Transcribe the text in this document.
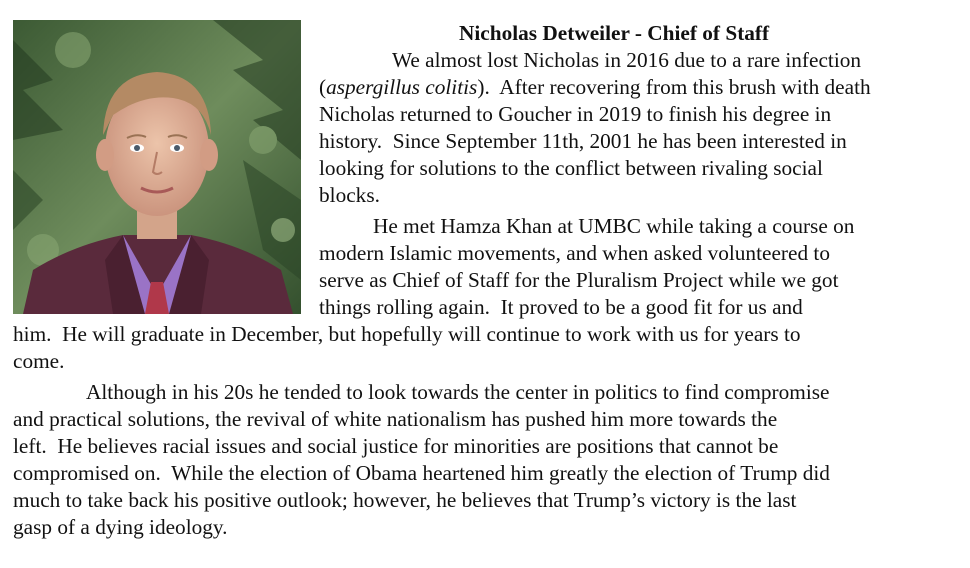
Nicholas Detweiler - Chief of Staff
We almost lost Nicholas in 2016 due to a rare infection
(aspergillus colitis).  After recovering from this brush with death
Nicholas returned to Goucher in 2019 to finish his degree in
history.  Since September 11th, 2001 he has been interested in
looking for solutions to the conflict between rivaling social
blocks.
He met Hamza Khan at UMBC while taking a course on
modern Islamic movements, and when asked volunteered to
serve as Chief of Staff for the Pluralism Project while we got
things rolling again.  It proved to be a good fit for us and
him.  He will graduate in December, but hopefully will continue to work with us for years to
come.
Although in his 20s he tended to look towards the center in politics to find compromise
and practical solutions, the revival of white nationalism has pushed him more towards the
left.  He believes racial issues and social justice for minorities are positions that cannot be
compromised on.  While the election of Obama heartened him greatly the election of Trump did
much to take back his positive outlook; however, he believes that Trump’s victory is the last
gasp of a dying ideology.
